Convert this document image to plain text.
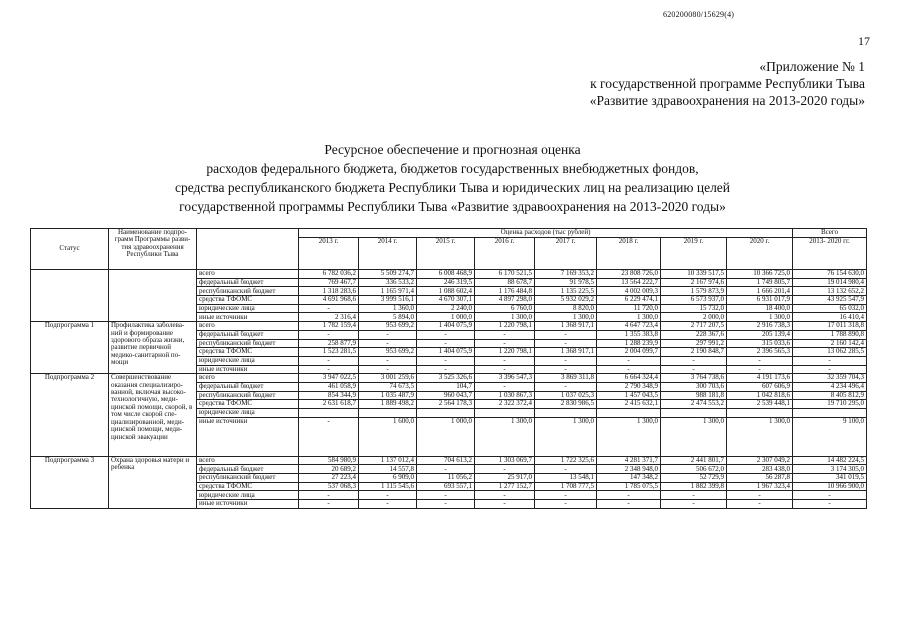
620200080/15629(4)
17
«Приложение № 1
к государственной программе Республики Тыва
«Развитие здравоохранения на 2013-2020 годы»
Ресурсное обеспечение и прогнозная оценка
расходов федерального бюджета, бюджетов государственных внебюджетных фондов,
средства республиканского бюджета Республики Тыва и юридических лиц на реализацию целей
государственной программы Республики Тыва «Развитие здравоохранения на 2013-2020 годы»
Статус	Наименование подпро- грамм Программы разви- тия здравоохранения Республики Тыва		Оценка расходов (тыс рублей)								Всего
			2013 г.	2014 г.	2015 г.	2016 г.	2017 г.	2018 г.	2019 г.	2020 г.	2013- 2020 гг.
		всего	6 782 036,2	5 509 274,7	6 008 468,9	6 170 521,5	7 169 353,2	23 808 726,0	10 339 517,5	10 366 725,0	76 154 630,0
		федеральный бюджет	769 467,7	336 533,2	246 319,5	88 678,7	91 978,5	13 564 222,7	2 167 974,6	1 749 805,7	19 014 980,4
		республиканский бюджет	1 318 283,6	1 165 971,4	1 088 602,4	1 176 484,8	1 135 225,5	4 002 009,3	1 579 873,9	1 666 201,4	13 132 652,2
		средства ТФОМС	4 691 968,6	3 999 516,1	4 670 307,1	4 897 298,0	5 932 029,2	6 229 474,1	6 573 937,0	6 931 017,9	43 925 547,9
		юридические лица	-	1 360,0	2 240,0	6 760,0	8 820,0	11 720,0	15 732,0	18 400,0	65 032,0
		иные источники	2 316,4	5 894,0	1 000,0	1 300,0	1 300,0	1 300,0	2 000,0	1 300,0	16 410,4
Подпрограмма 1	Профилактика заболева- ний и формирование здорового образа жизни, развитие первичной медико-санитарной по- мощи	всего	1 782 159,4	953 699,2	1 404 075,9	1 220 798,1	1 368 917,1	4 647 723,4	2 717 207,5	2 916 738,3	17 011 318,8
		федеральный бюджет	-	-	-	-	-	1 355 383,8	228 367,6	205 139,4	1 788 890,8
		республиканский бюджет	258 877,9	-	-	-	-	1 288 239,9	297 991,2	315 033,6	2 160 142,4
		средства ТФОМС	1 523 281,5	953 699,2	1 404 075,9	1 220 798,1	1 368 917,1	2 004 099,7	2 190 848,7	2 396 565,3	13 062 285,5
		юридические лица	-	-	-	-	-	-	-	-	-
		иные источники	-	-	-	-	-	-	-	-	-
Подпрограмма 2	Совершенствование оказания специализиро- ванной, включая высоко- технологичную, меди- цинской помощи, скорой, в том числе скорой спе- циализированной, меди- цинской помощи, меди- цинской эвакуации	всего	3 947 022,5	3 001 259,6	3 525 326,6	3 396 547,3	3 869 311,8	6 664 324,4	3 764 738,6	4 191 173,6	32 359 704,3
		федеральный бюджет	461 058,9	74 673,5	104,7	-	-	2 790 348,9	300 703,6	607 606,9	4 234 496,4
		республиканский бюджет	854 344,9	1 035 487,9	960 043,7	1 030 867,3	1 037 025,3	1 457 043,5	988 181,8	1 042 818,6	8 405 812,9
		средства ТФОМС	2 631 618,7	1 889 498,2	2 564 178,3	2 322 372,4	2 830 986,5	2 415 632,1	2 474 553,2	2 539 448,1	19 710 295,0
		юридические лица									
		иные источники	-	1 600,0	1 000,0	1 300,0	1 300,0	1 300,0	1 300,0	1 300,0	9 100,0
Подпрограмма 3	Охрана здоровья матери и ребенка	всего	584 980,9	1 137 012,4	704 613,2	1 303 069,7	1 722 325,6	4 281 371,7	2 441 801,7	2 307 049,2	14 482 224,5
		федеральный бюджет	20 689,2	14 557,8	-	-	-	2 348 948,0	506 672,0	283 438,0	3 174 305,0
		республиканский бюджет	27 223,4	6 909,0	11 056,2	25 917,0	13 548,1	147 348,2	52 729,9	56 287,8	341 019,5
		средства ТФОМС	537 068,3	1 115 545,6	693 557,1	1 277 152,7	1 708 777,5	1 785 075,5	1 882 399,8	1 967 323,4	10 966 900,0
		юридические лица	-	-	-	-	-	-	-	-	-
		иные источники	-	-	-	-	-	-	-	-	-
